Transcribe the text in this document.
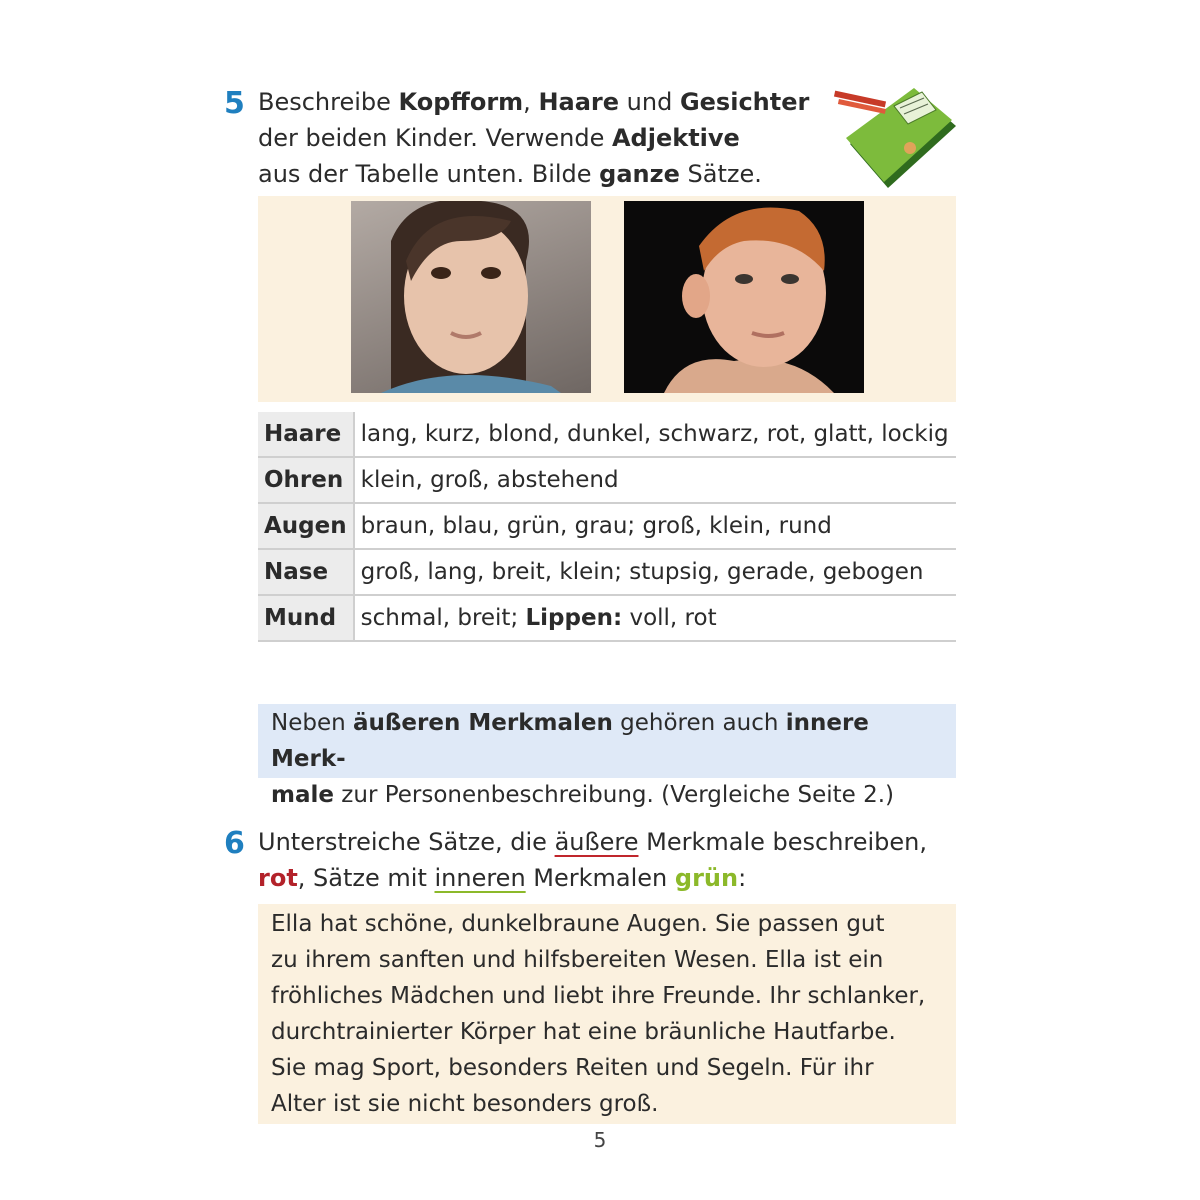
5 Beschreibe Kopfform, Haare und Gesichter
der beiden Kinder. Verwende Adjektive
aus der Tabelle unten. Bilde ganze Sätze.
Haare	lang, kurz, blond, dunkel, schwarz, rot, glatt, lockig
Ohren	klein, groß, abstehend
Augen	braun, blau, grün, grau; groß, klein, rund
Nase	groß, lang, breit, klein; stupsig, gerade, gebogen
Mund	schmal, breit; Lippen: voll, rot
Neben äußeren Merkmalen gehören auch innere Merk-
male zur Personenbeschreibung. (Vergleiche Seite 2.)
6 Unterstreiche Sätze, die äußere Merkmale beschreiben,
rot, Sätze mit inneren Merkmalen grün:
Ella hat schöne, dunkelbraune Augen. Sie passen gut
zu ihrem sanften und hilfsbereiten Wesen. Ella ist ein
fröhliches Mädchen und liebt ihre Freunde. Ihr schlanker,
durchtrainierter Körper hat eine bräunliche Hautfarbe.
Sie mag Sport, besonders Reiten und Segeln. Für ihr
Alter ist sie nicht besonders groß.
5
